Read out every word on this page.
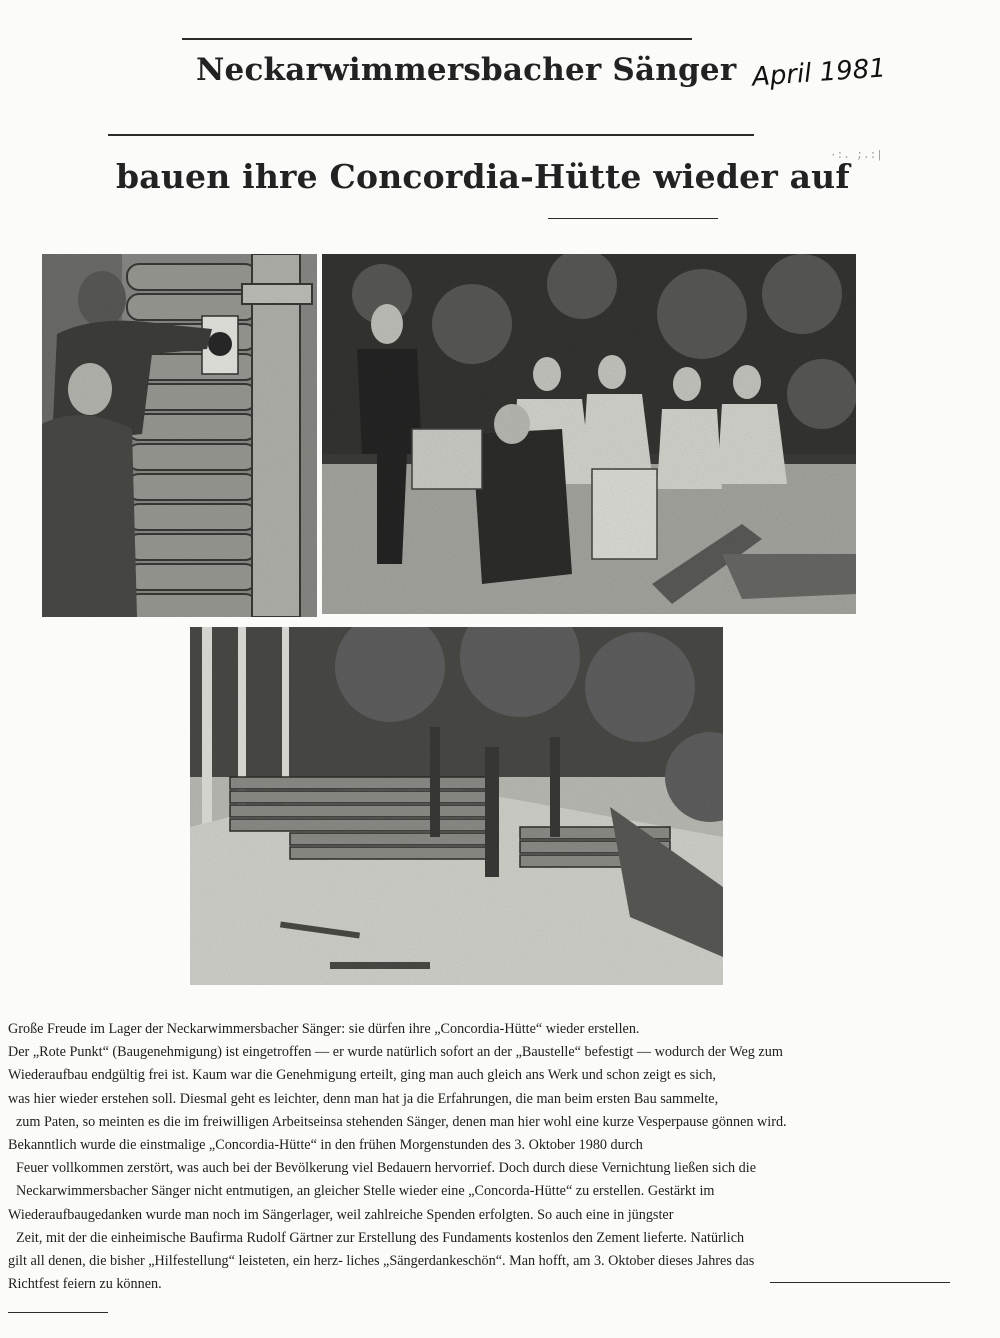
·:. ;.:|
Neckarwimmersbacher Sänger April 1981
bauen ihre Concordia-Hütte wieder auf
Große Freude im Lager der Neckarwimmersbacher Sänger: sie dürfen ihre „Concordia-Hütte“ wieder erstellen.
Der „Rote Punkt“ (Baugenehmigung) ist eingetroffen — er wurde natürlich sofort an der „Baustelle“ befestigt — wodurch der Weg zum
Wiederaufbau endgültig frei ist. Kaum war die Genehmigung erteilt, ging man auch gleich ans Werk und schon zeigt es sich,
was hier wieder erstehen soll. Diesmal geht es leichter, denn man hat ja die Erfahrungen, die man beim ersten Bau sammelte,
zum Paten, so meinten es die im freiwilligen Arbeitseinsa stehenden Sänger, denen man hier wohl eine kurze Vesperpause gönnen wird.
Bekanntlich wurde die einstmalige „Concordia-Hütte“ in den frühen Morgenstunden des 3. Oktober 1980 durch
Feuer vollkommen zerstört, was auch bei der Bevölkerung viel Bedauern hervorrief. Doch durch diese Vernichtung ließen sich die
Neckarwimmersbacher Sänger nicht entmutigen, an gleicher Stelle wieder eine „Concorda-Hütte“ zu erstellen. Gestärkt im
Wiederaufbaugedanken wurde man noch im Sängerlager, weil zahlreiche Spenden erfolgten. So auch eine in jüngster
Zeit, mit der die einheimische Baufirma Rudolf Gärtner zur Erstellung des Fundaments kostenlos den Zement lieferte. Natürlich
gilt all denen, die bisher „Hilfestellung“ leisteten, ein herz- liches „Sängerdankeschön“. Man hofft, am 3. Oktober dieses Jahres das
Richtfest feiern zu können.
